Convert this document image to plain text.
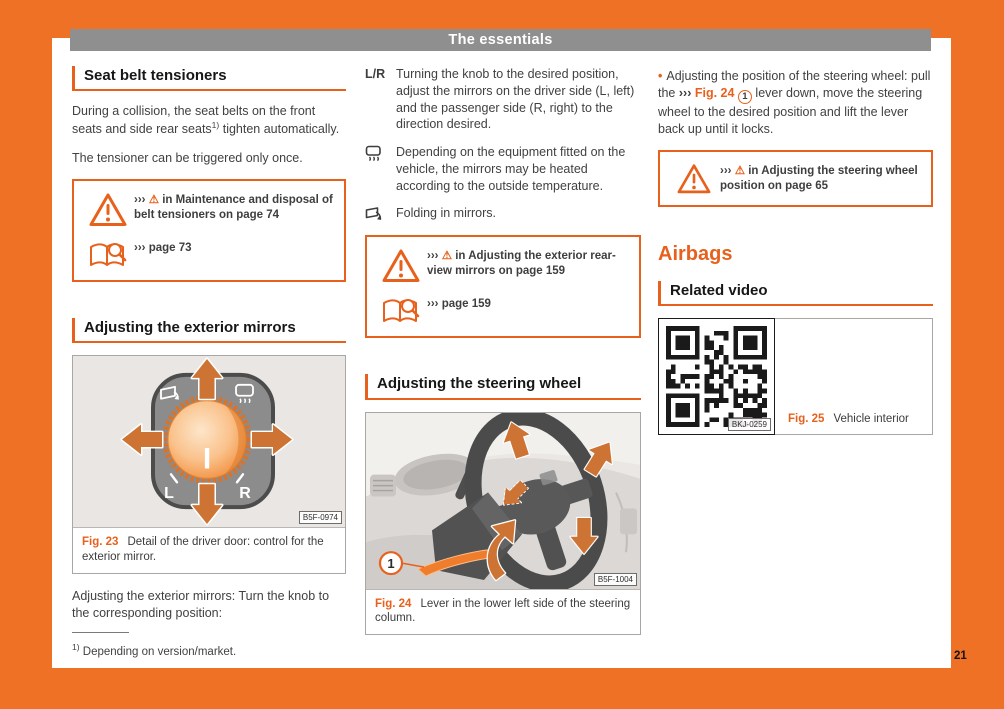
The essentials
Seat belt tensioners

During a collision, the seat belts on the front seats and side rear seats$^{1)}$ tighten automatically.

The tensioner can be triggered only once.

››› ⚠ in Maintenance and disposal of belt tensioners on page 74

››› page 73

Adjusting the exterior mirrors
L	R
I
B5F-0974
Fig. 23 Detail of the driver door: control for the exterior mirror.

Adjusting the exterior mirrors: Turn the knob to the corresponding position:

$^{1)}$ Depending on version/market.

L/R Turning the knob to the desired position, adjust the mirrors on the driver side (L, left) and the passenger side (R, right) to the direction desired.

Depending on the equipment fitted on the vehicle, the mirrors may be heated according to the outside temperature.

Folding in mirrors.

››› ⚠ in Adjusting the exterior rear-view mirrors on page 159

››› page 159

Adjusting the steering wheel
1
B5F-1004
Fig. 24 Lever in the lower left side of the steering column.

• Adjusting the position of the steering wheel: pull the ››› Fig. 24 1 lever down, move the steering wheel to the desired position and lift the lever back up until it locks.

››› ⚠ in Adjusting the steering wheel position on page 65

Airbags
Related video
BKJ-0259	Fig. 25 Vehicle interior
21
